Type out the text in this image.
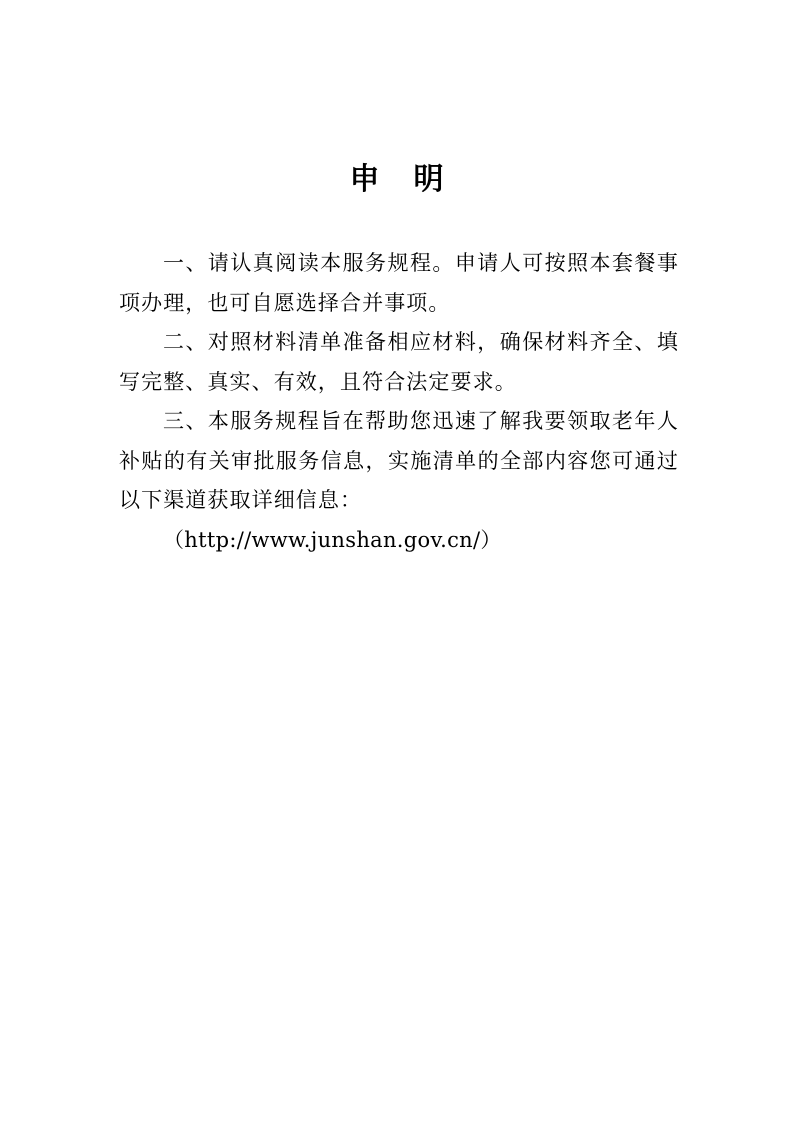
申明

一、请认真阅读本服务规程。申请人可按照本套餐事项办理，也可自愿选择合并事项。

二、对照材料清单准备相应材料，确保材料齐全、填写完整、真实、有效，且符合法定要求。

三、本服务规程旨在帮助您迅速了解我要领取老年人补贴的有关审批服务信息，实施清单的全部内容您可通过以下渠道获取详细信息：

（http://www.junshan.gov.cn/）
